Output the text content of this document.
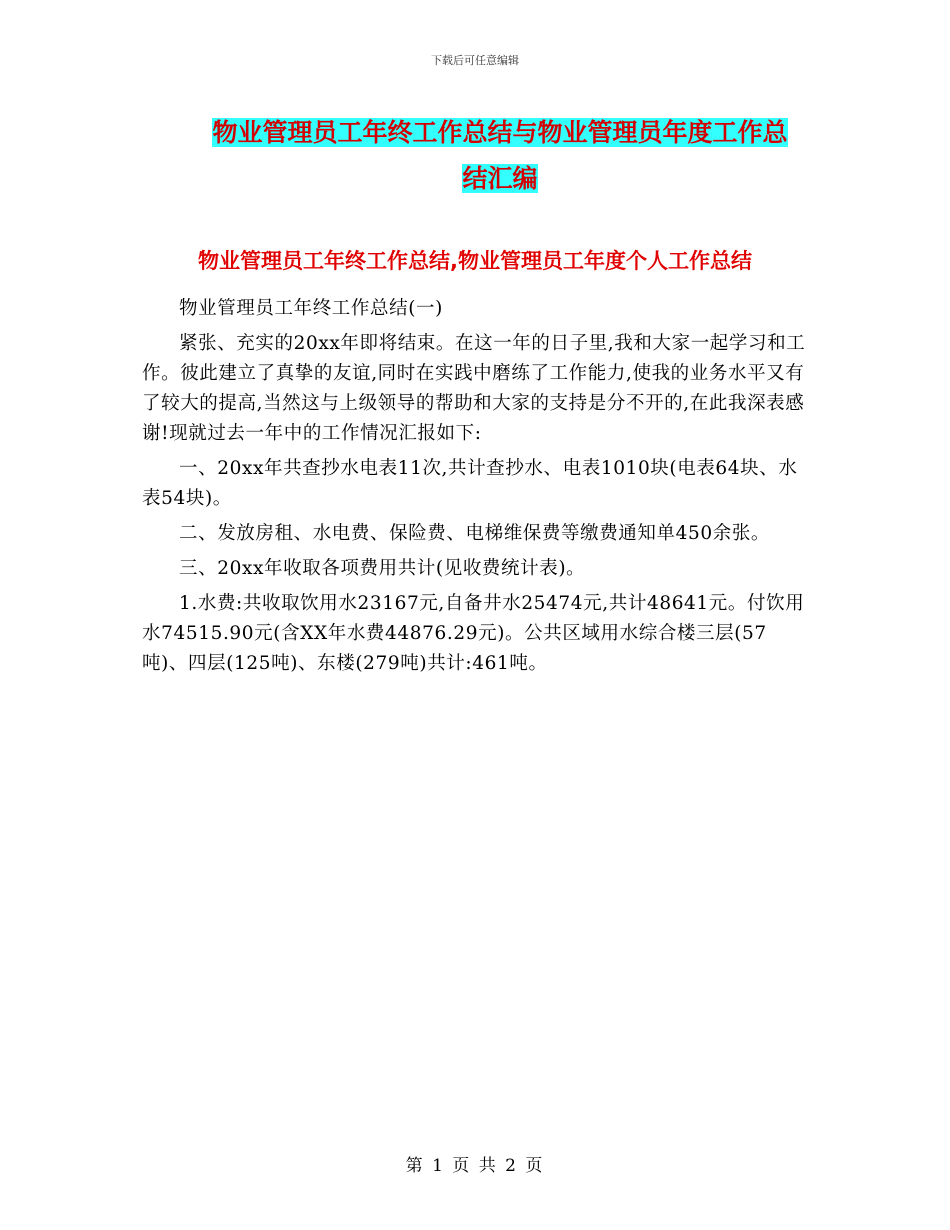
下载后可任意编辑
物业管理员工年终工作总结与物业管理员年度工作总
结汇编
物业管理员工年终工作总结,物业管理员工年度个人工作总结

物业管理员工年终工作总结(一)

紧张、充实的20xx年即将结束。在这一年的日子里,我和大家一起学习和工作。彼此建立了真挚的友谊,同时在实践中磨练了工作能力,使我的业务水平又有了较大的提高,当然这与上级领导的帮助和大家的支持是分不开的,在此我深表感谢!现就过去一年中的工作情况汇报如下:

一、20xx年共查抄水电表11次,共计查抄水、电表1010块(电表64块、水表54块)。

二、发放房租、水电费、保险费、电梯维保费等缴费通知单450余张。

三、20xx年收取各项费用共计(见收费统计表)。

1.水费:共收取饮用水23167元,自备井水25474元,共计48641元。付饮用水74515.90元(含XX年水费44876.29元)。公共区域用水综合楼三层(57吨)、四层(125吨)、东楼(279吨)共计:461吨。

第 1 页 共 2 页
